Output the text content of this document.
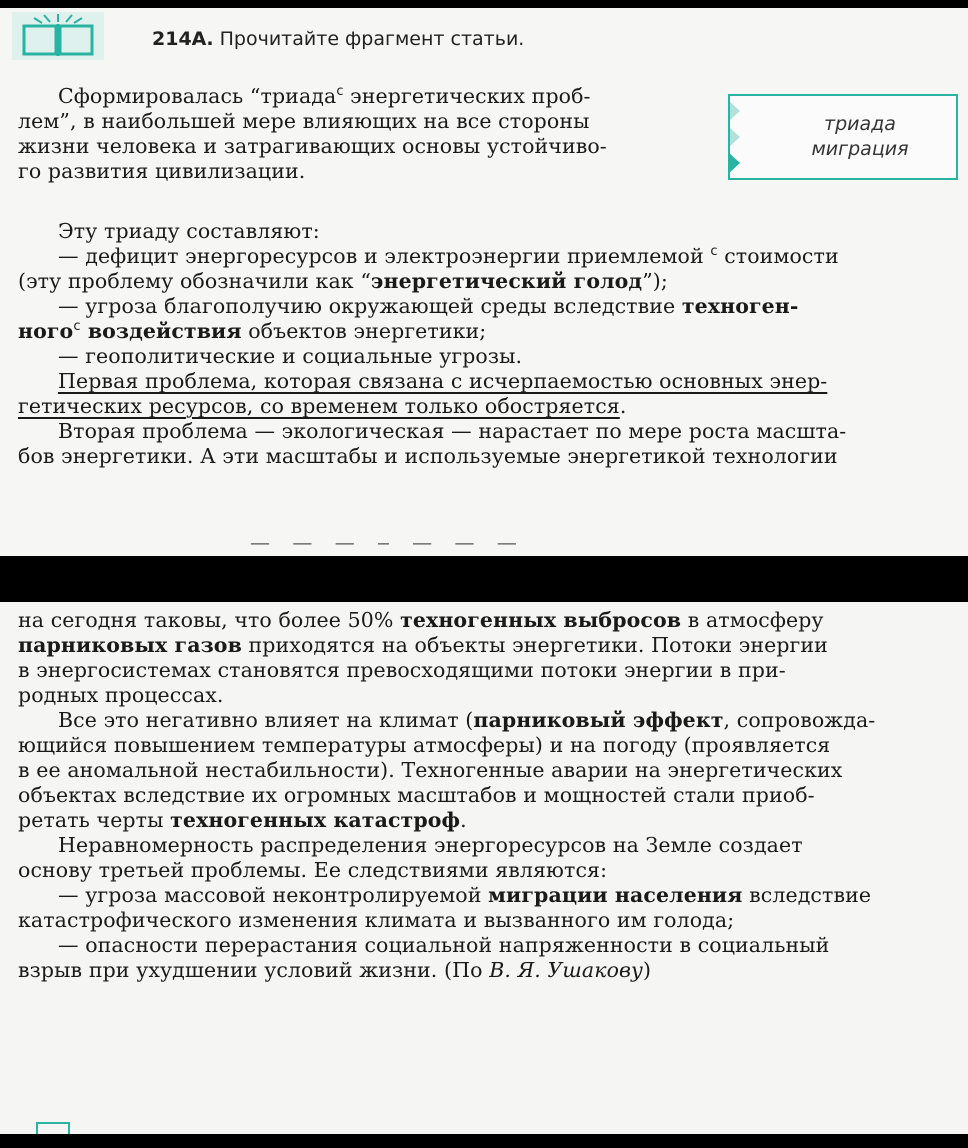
214А. Прочитайте фрагмент статьи.
Сформировалась “триада$^с$ энергетических проб-
лем”, в наибольшей мере влияющих на все стороны
жизни человека и затрагивающих основы устойчиво-
го развития цивилизации.
триада
миграция
Эту триаду составляют:
— дефицит энергоресурсов и электроэнергии приемлемой $^с$ стоимости
(эту проблему обозначили как “энергетический голод”);
— угроза благополучию окружающей среды вследствие техноген-
ного$^с$ воздействия объектов энергетики;
— геополитические и социальные угрозы.
Первая проблема, которая связана с исчерпаемостью основных энер-
гетических ресурсов, со временем только обостряется.
Вторая проблема — экологическая — нарастает по мере роста масшта-
бов энергетики. А эти масштабы и используемые энергетикой технологии
— — — ‒ — — —
на сегодня таковы, что более 50% техногенных выбросов в атмосферу
парниковых газов приходятся на объекты энергетики. Потоки энергии
в энергосистемах становятся превосходящими потоки энергии в при-
родных процессах.
Все это негативно влияет на климат (парниковый эффект, сопровожда-
ющийся повышением температуры атмосферы) и на погоду (проявляется
в ее аномальной нестабильности). Техногенные аварии на энергетических
объектах вследствие их огромных масштабов и мощностей стали приоб-
ретать черты техногенных катастроф.
Неравномерность распределения энергоресурсов на Земле создает
основу третьей проблемы. Ее следствиями являются:
— угроза массовой неконтролируемой миграции населения вследствие
катастрофического изменения климата и вызванного им голода;
— опасности перерастания социальной напряженности в социальный
взрыв при ухудшении условий жизни. (По В. Я. Ушакову)
